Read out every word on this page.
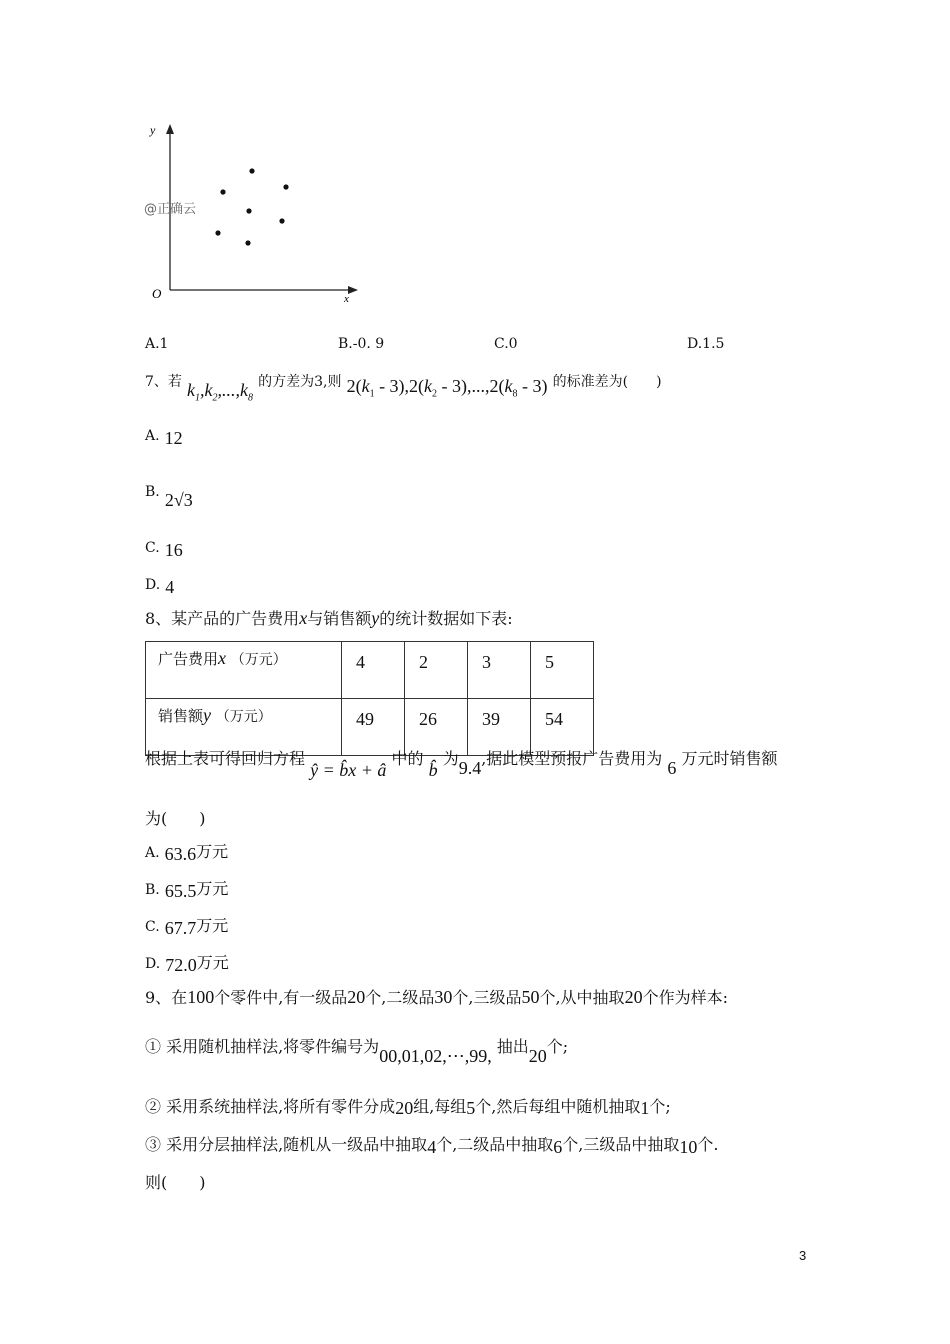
y
x
O
@正确云
A.1	B.-0. 9	C.0	D.1.5
7、若 $k_1,k_2,...,k_8$ 的方差为3,则 $2(k_1 - 3),2(k_2 - 3),...,2(k_8 - 3)$ 的标准差为(　　)
A. 12
B. 2√3
C. 16
D. 4
8、某产品的广告费用x与销售额y的统计数据如下表:
广告费用x （万元）	4	2	3	5
销售额y （万元）	49	26	39	54
根据上表可得回归方程 ŷ = b̂x + â 中的 b̂ 为9.4,据此模型预报广告费用为 6 万元时销售额
为(　　)
A. 63.6万元
B. 65.5万元
C. 67.7万元
D. 72.0万元
9、在100个零件中,有一级品20个,二级品30个,三级品50个,从中抽取20个作为样本:
① 采用随机抽样法,将零件编号为00,01,02,⋯,99, 抽出20个;
② 采用系统抽样法,将所有零件分成20组,每组5个,然后每组中随机抽取1个;
③ 采用分层抽样法,随机从一级品中抽取4个,二级品中抽取6个,三级品中抽取10个.
则(　　)
3
